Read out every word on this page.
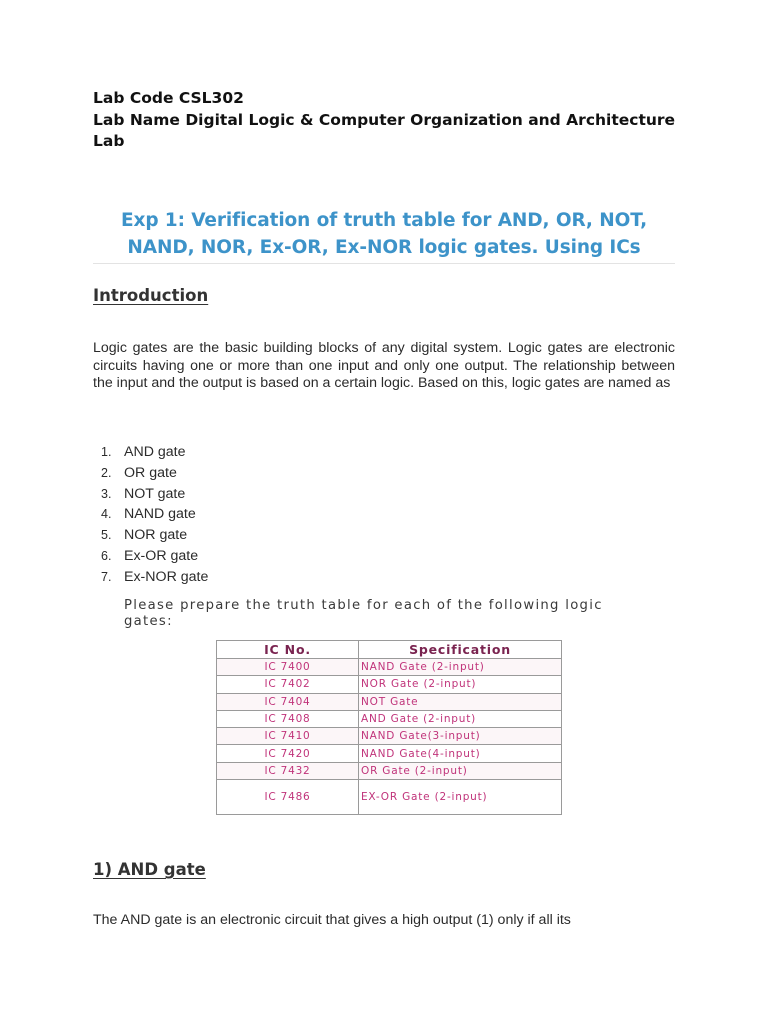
Lab Code CSL302
Lab Name Digital Logic & Computer Organization and Architecture Lab
Exp 1: Verification of truth table for AND, OR, NOT, NAND, NOR, Ex-OR, Ex-NOR logic gates. Using ICs
Introduction
Logic gates are the basic building blocks of any digital system. Logic gates are electronic circuits having one or more than one input and only one output. The relationship between the input and the output is based on a certain logic. Based on this, logic gates are named as
1. AND gate
2. OR gate
3. NOT gate
4. NAND gate
5. NOR gate
6. Ex-OR gate
7. Ex-NOR gate
Please prepare the truth table for each of the following logic gates:
IC No.	Specification
IC 7400	NAND Gate (2-input)
IC 7402	NOR Gate (2-input)
IC 7404	NOT Gate
IC 7408	AND Gate (2-input)
IC 7410	NAND Gate(3-input)
IC 7420	NAND Gate(4-input)
IC 7432	OR Gate (2-input)
IC 7486	EX-OR Gate (2-input)
1) AND gate
The AND gate is an electronic circuit that gives a high output (1) only if all its
